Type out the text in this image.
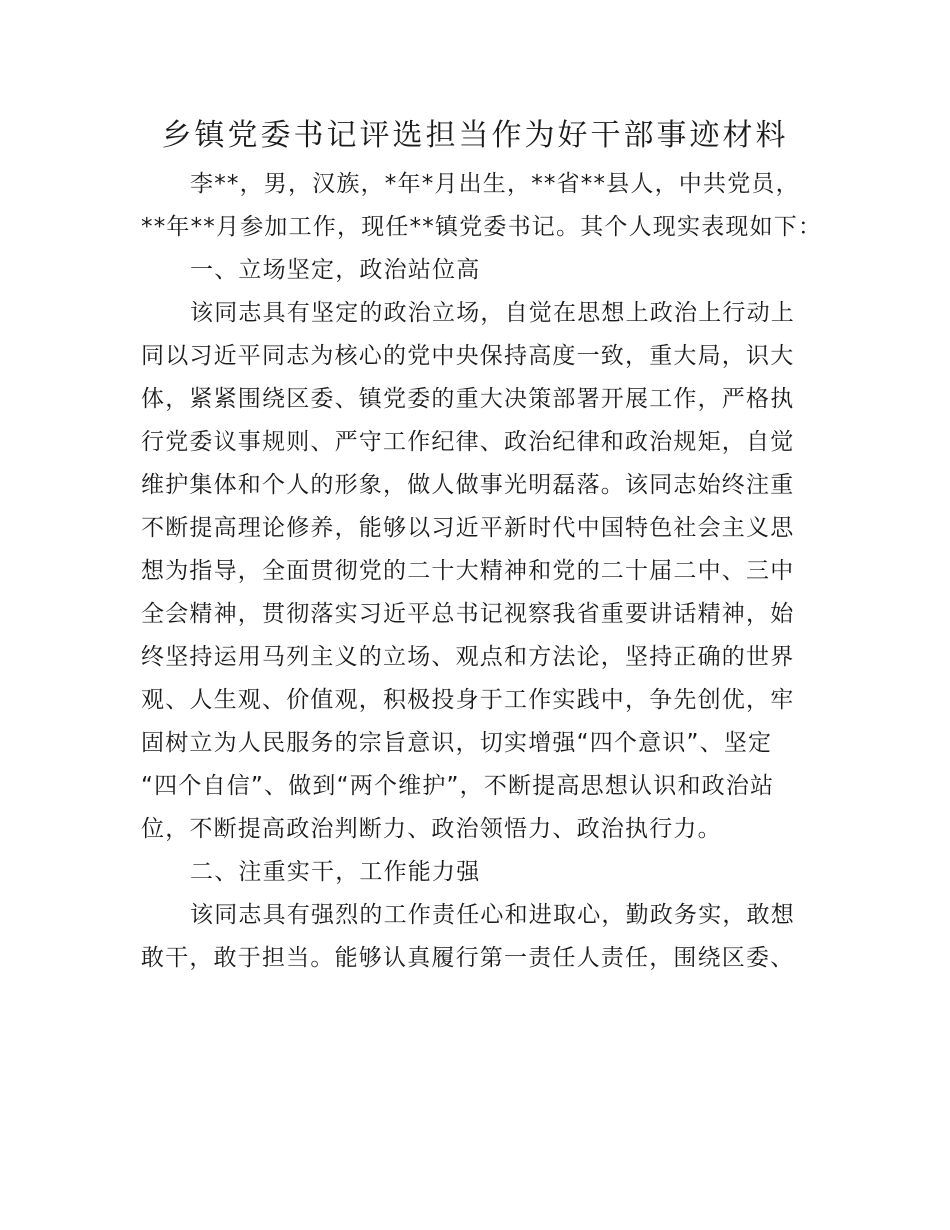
乡镇党委书记评选担当作为好干部事迹材料
李**，男，汉族，*年*月出生，**省**县人，中共党员，
**年**月参加工作，现任**镇党委书记。其个人现实表现如下：
一、立场坚定，政治站位高
该同志具有坚定的政治立场，自觉在思想上政治上行动上
同以习近平同志为核心的党中央保持高度一致，重大局，识大
体，紧紧围绕区委、镇党委的重大决策部署开展工作，严格执
行党委议事规则、严守工作纪律、政治纪律和政治规矩，自觉
维护集体和个人的形象，做人做事光明磊落。该同志始终注重
不断提高理论修养，能够以习近平新时代中国特色社会主义思
想为指导，全面贯彻党的二十大精神和党的二十届二中、三中
全会精神，贯彻落实习近平总书记视察我省重要讲话精神，始
终坚持运用马列主义的立场、观点和方法论，坚持正确的世界
观、人生观、价值观，积极投身于工作实践中，争先创优，牢
固树立为人民服务的宗旨意识，切实增强“四个意识”、坚定
“四个自信”、做到“两个维护”，不断提高思想认识和政治站
位，不断提高政治判断力、政治领悟力、政治执行力。
二、注重实干，工作能力强
该同志具有强烈的工作责任心和进取心，勤政务实，敢想
敢干，敢于担当。能够认真履行第一责任人责任，围绕区委、
